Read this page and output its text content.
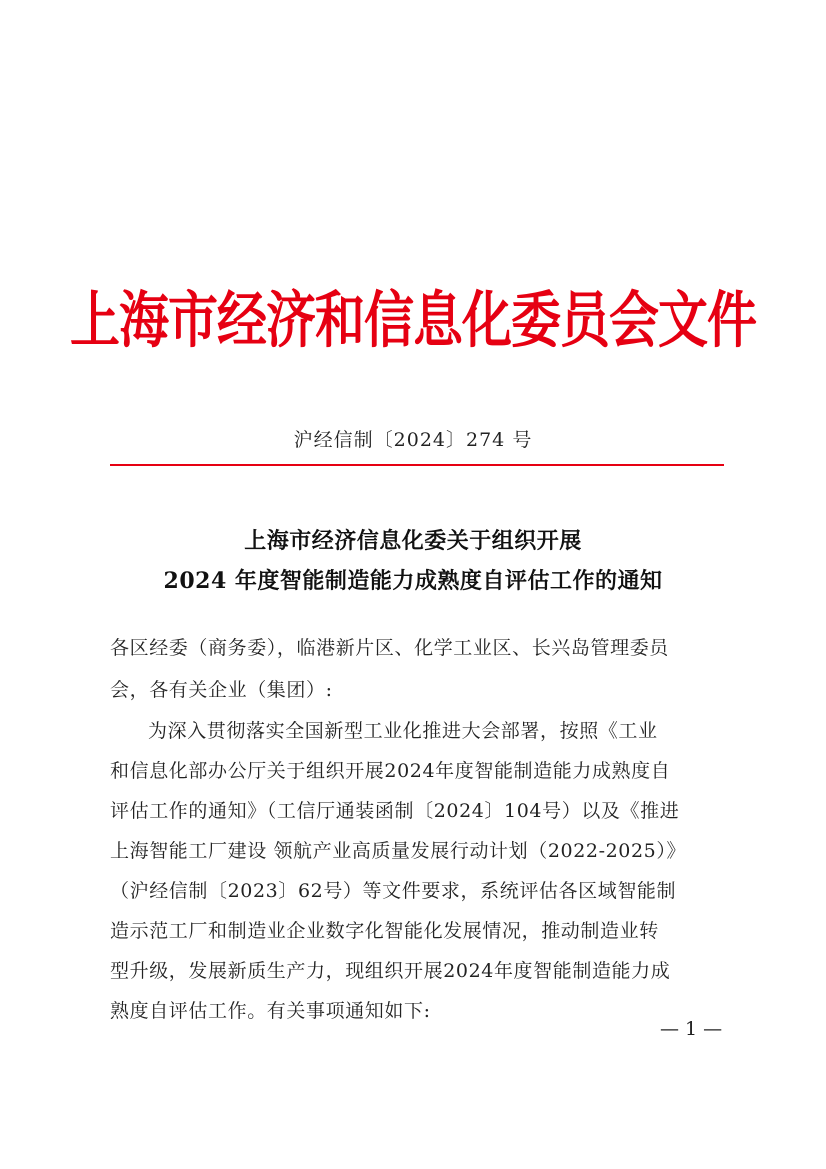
上海市经济和信息化委员会文件
沪经信制〔2024〕274 号
上海市经济信息化委关于组织开展
2024 年度智能制造能力成熟度自评估工作的通知
各区经委（商务委），临港新片区、化学工业区、长兴岛管理委员
会，各有关企业（集团）:
为深入贯彻落实全国新型工业化推进大会部署，按照《工业
和信息化部办公厅关于组织开展2024年度智能制造能力成熟度自
评估工作的通知》（工信厅通装函制〔2024〕104号）以及《推进
上海智能工厂建设 领航产业高质量发展行动计划（2022-2025）》
（沪经信制〔2023〕62号）等文件要求，系统评估各区域智能制
造示范工厂和制造业企业数字化智能化发展情况，推动制造业转
型升级，发展新质生产力，现组织开展2024年度智能制造能力成
熟度自评估工作。有关事项通知如下:
— 1 —
